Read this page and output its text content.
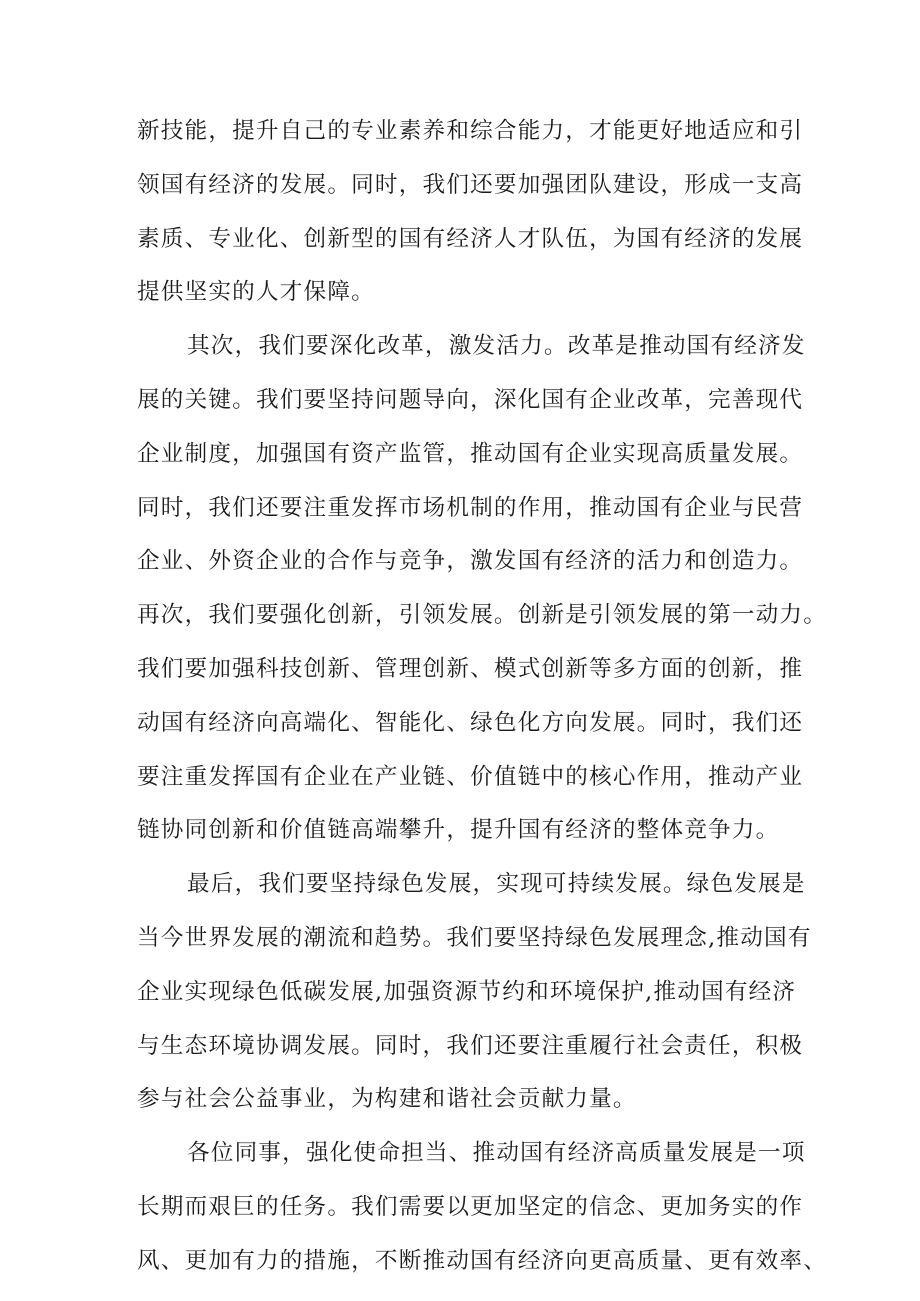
新技能，提升自己的专业素养和综合能力，才能更好地适应和引
领国有经济的发展。同时，我们还要加强团队建设，形成一支高
素质、专业化、创新型的国有经济人才队伍，为国有经济的发展
提供坚实的人才保障。
其次，我们要深化改革，激发活力。改革是推动国有经济发
展的关键。我们要坚持问题导向，深化国有企业改革，完善现代
企业制度，加强国有资产监管，推动国有企业实现高质量发展。
同时，我们还要注重发挥市场机制的作用，推动国有企业与民营
企业、外资企业的合作与竞争，激发国有经济的活力和创造力。
再次，我们要强化创新，引领发展。创新是引领发展的第一动力。
我们要加强科技创新、管理创新、模式创新等多方面的创新，推
动国有经济向高端化、智能化、绿色化方向发展。同时，我们还
要注重发挥国有企业在产业链、价值链中的核心作用，推动产业
链协同创新和价值链高端攀升，提升国有经济的整体竞争力。
最后，我们要坚持绿色发展，实现可持续发展。绿色发展是
当今世界发展的潮流和趋势。我们要坚持绿色发展理念,推动国有
企业实现绿色低碳发展,加强资源节约和环境保护,推动国有经济
与生态环境协调发展。同时，我们还要注重履行社会责任，积极
参与社会公益事业，为构建和谐社会贡献力量。
各位同事，强化使命担当、推动国有经济高质量发展是一项
长期而艰巨的任务。我们需要以更加坚定的信念、更加务实的作
风、更加有力的措施，不断推动国有经济向更高质量、更有效率、
